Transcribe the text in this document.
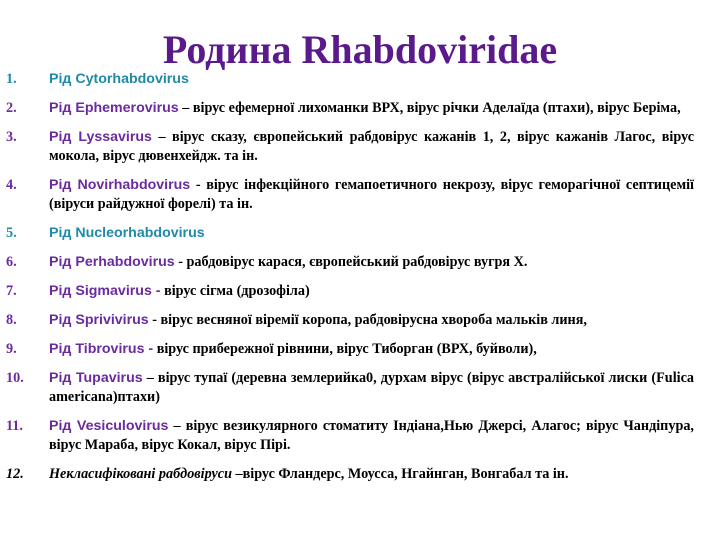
Родина Rhabdoviridae
1.	Рід Cytorhabdovirus
2.	Рід Ephemerovirus – вірус ефемерної лихоманки ВРХ, вірус річки Аделаїда (птахи), вірус Беріма,
3.	Рід Lyssavirus – вірус сказу, європейський рабдовірус кажанів 1, 2, вірус кажанів Лагос, вірус мокола, вірус дювенхейдж. та ін.
4.	Рід Novirhabdovirus - вірус інфекційного гемапоетичного некрозу, вірус геморагічної септицемії (віруси райдужної форелі) та ін.
5.	Рід Nucleorhabdovirus
6.	Рід Perhabdovirus - рабдовірус карася, європейський рабдовірус вугря Х.
7.	Рід Sigmavirus - вірус сігма (дрозофіла)
8.	Рід Sprivivirus - вірус весняної віремії коропа, рабдовірусна хвороба мальків линя,
9.	Рід Tibrovirus - вірус прибережної рівнини, вірус Тиборган (ВРХ, буйволи),
10.	Рід Tupavirus – вірус тупаї (деревна землерийка0, дурхам вірус (вірус австралійської лиски (Fulica americana)птахи)
11.	Рід Vesiculovirus – вірус везикулярного стоматиту Індіана,Нью Джерсі, Алагос; вірус Чандіпура, вірус Мараба, вірус Кокал, вірус Пірі.
12.	Некласифіковані рабдовіруси –вірус Фландерс, Моусса, Нгайнган, Вонгабал та ін.
